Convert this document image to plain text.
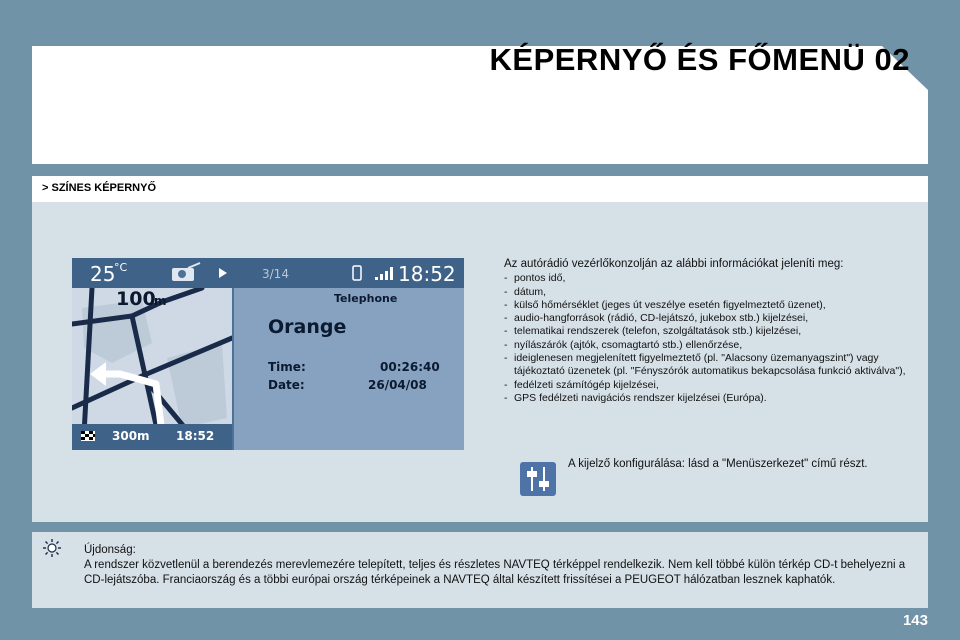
KÉPERNYŐ ÉS FŐMENÜ 02
> SZÍNES KÉPERNYŐ
25
°C	3/14	18:52
100
m
300m 18:52
Telephone
Orange
Time:	00:26:40
Date:	26/04/08
Az autórádió vezérlőkonzolján az alábbi információkat jeleníti meg:
- pontos idő,
- dátum,
- külső hőmérséklet (jeges út veszélye esetén figyelmeztető üzenet),
- audio-hangforrások (rádió, CD-lejátszó, jukebox stb.) kijelzései,
- telematikai rendszerek (telefon, szolgáltatások stb.) kijelzései,
- nyílászárók (ajtók, csomagtartó stb.) ellenőrzése,
- ideiglenesen megjelenített figyelmeztető (pl. "Alacsony üzemanyagszint") vagy tájékoztató üzenetek (pl. "Fényszórók automatikus bekapcsolása funkció aktiválva"),
- fedélzeti számítógép kijelzései,
- GPS fedélzeti navigációs rendszer kijelzései (Európa).
A kijelző konfigurálása: lásd a "Menüszerkezet" című részt.
Újdonság:
A rendszer közvetlenül a berendezés merevlemezére telepített, teljes és részletes NAVTEQ térképpel rendelkezik. Nem kell többé külön térkép CD-t behelyezni a CD-lejátszóba. Franciaország és a többi európai ország térképeinek a NAVTEQ által készített frissítései a PEUGEOT hálózatban lesznek kaphatók.
143
